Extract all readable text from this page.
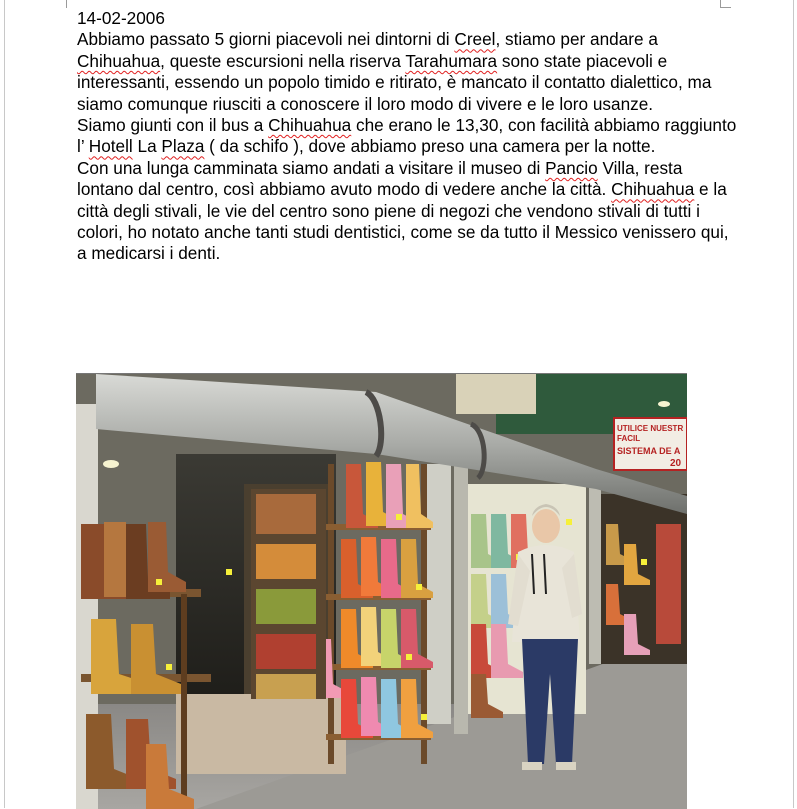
14-02-2006

Abbiamo passato 5 giorni piacevoli nei dintorni di Creel, stiamo per andare a Chihuahua, queste escursioni nella riserva Tarahumara sono state piacevoli e interessanti, essendo un popolo timido e ritirato, è mancato il contatto dialettico, ma siamo comunque riusciti a conoscere il loro modo di vivere e le loro usanze.

Siamo giunti con il bus a Chihuahua che erano le 13,30, con facilità abbiamo raggiunto l’ Hotell La Plaza ( da schifo ), dove abbiamo preso una camera per la notte.

Con una lunga camminata siamo andati a visitare il museo di Pancio Villa, resta lontano dal centro, così abbiamo avuto modo di vedere anche la città. Chihuahua e la città degli stivali, le vie del centro sono piene di negozi che vendono stivali di tutti i colori, ho notato anche tanti studi dentistici, come se da tutto il Messico venissero qui, a medicarsi i denti.

UTILICE NUESTR
FACIL
SISTEMA DE A
20
